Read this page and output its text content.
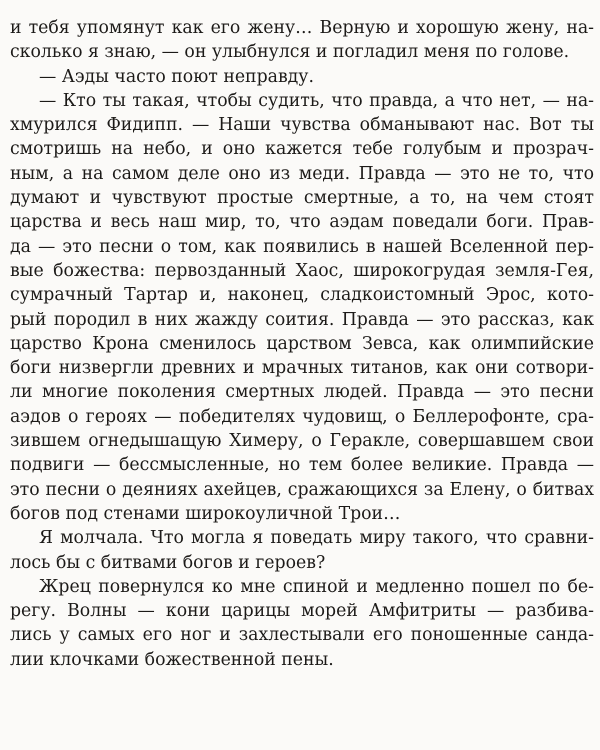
и тебя упомянут как его жену… Верную и хорошую жену, на-
сколько я знаю, — он улыбнулся и погладил меня по голове.
— Аэды часто поют неправду.
— Кто ты такая, чтобы судить, что правда, а что нет, — на-
хмурился Фидипп. — Наши чувства обманывают нас. Вот ты
смотришь на небо, и оно кажется тебе голубым и прозрач-
ным, а на самом деле оно из меди. Правда — это не то, что
думают и чувствуют простые смертные, а то, на чем стоят
царства и весь наш мир, то, что аэдам поведали боги. Прав-
да — это песни о том, как появились в нашей Вселенной пер-
вые божества: первозданный Хаос, широкогрудая земля-Гея,
сумрачный Тартар и, наконец, сладкоистомный Эрос, кото-
рый породил в них жажду соития. Правда — это рассказ, как
царство Крона сменилось царством Зевса, как олимпийские
боги низвергли древних и мрачных титанов, как они сотвори-
ли многие поколения смертных людей. Правда — это песни
аэдов о героях — победителях чудовищ, о Беллерофонте, сра-
зившем огнедышащую Химеру, о Геракле, совершавшем свои
подвиги — бессмысленные, но тем более великие. Правда —
это песни о деяниях ахейцев, сражающихся за Елену, о битвах
богов под стенами широкоуличной Трои…
Я молчала. Что могла я поведать миру такого, что сравни-
лось бы с битвами богов и героев?
Жрец повернулся ко мне спиной и медленно пошел по бе-
регу. Волны — кони царицы морей Амфитриты — разбива-
лись у самых его ног и захлестывали его поношенные санда-
лии клочками божественной пены.
